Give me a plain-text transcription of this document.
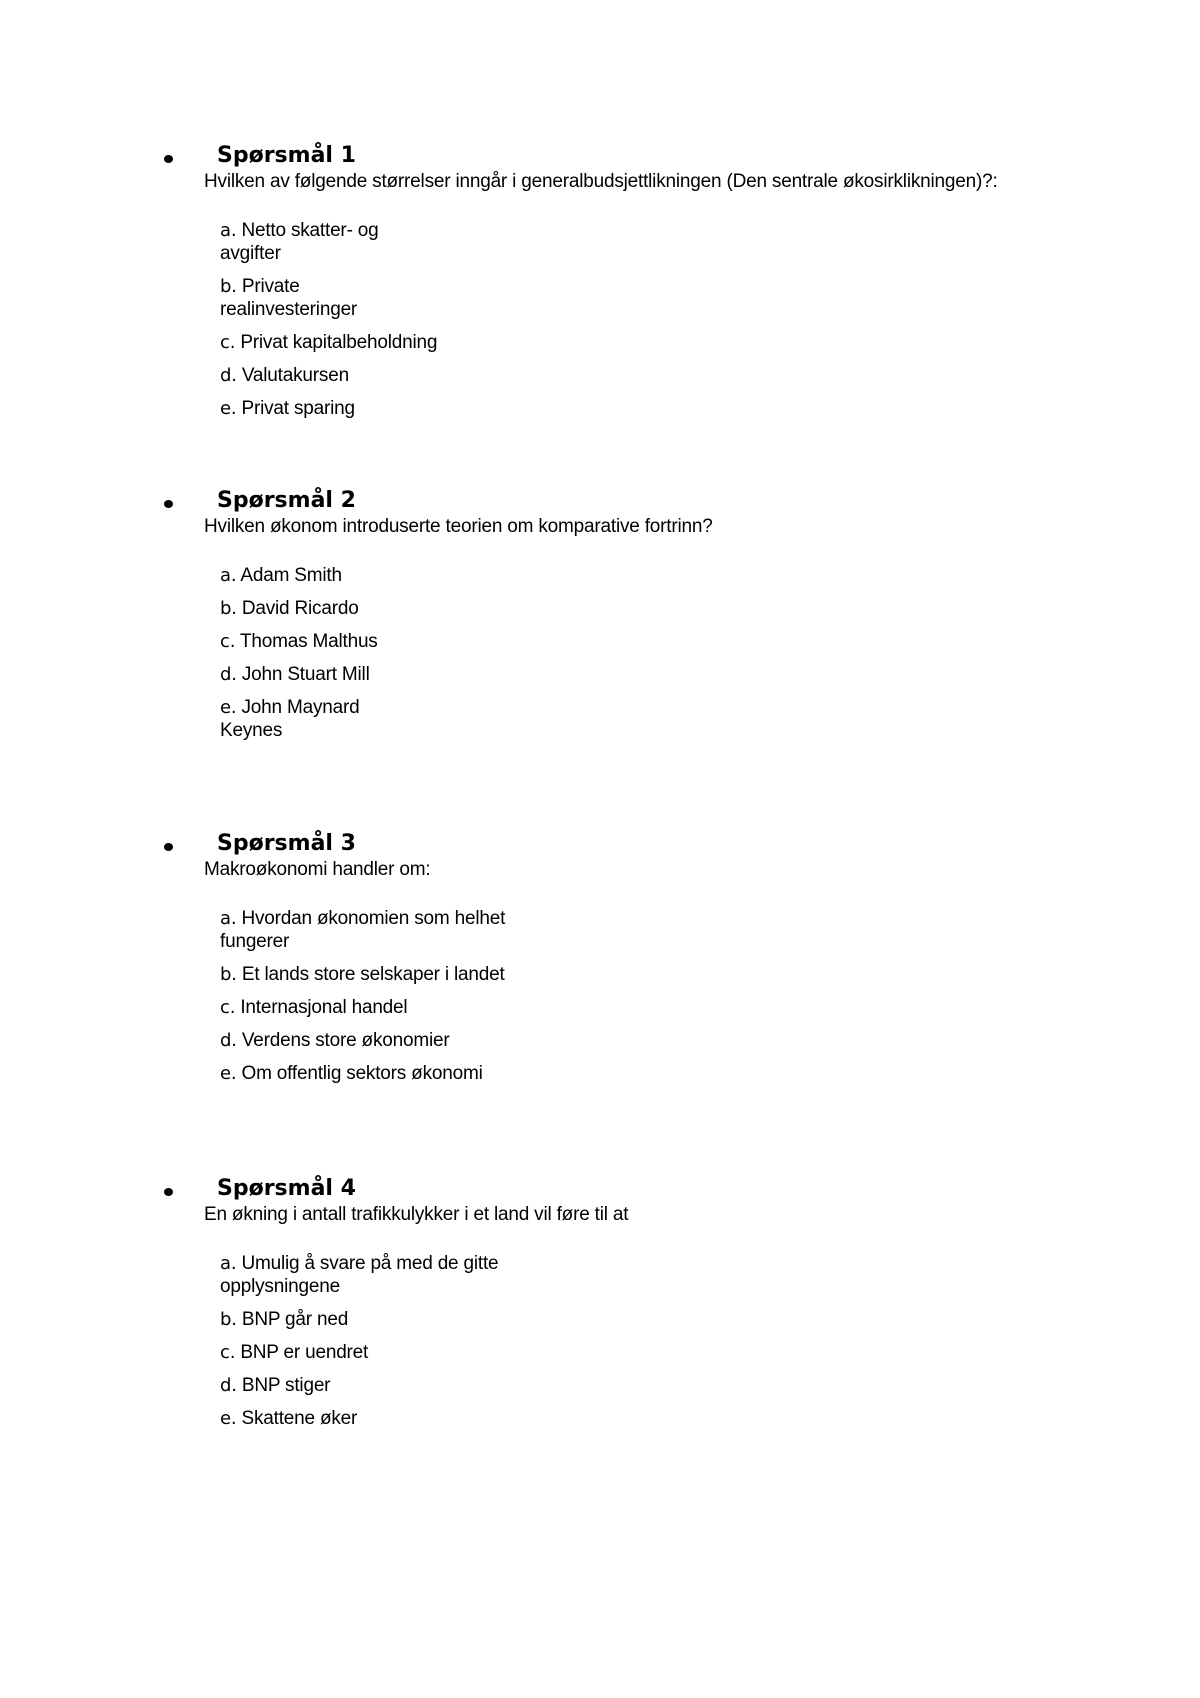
Spørsmål 1

Hvilken av følgende størrelser inngår i generalbudsjettlikningen (Den sentrale økosirklikningen)?:

a. Netto skatter- og avgifter
b. Private realinvesteringer
c. Privat kapitalbeholdning
d. Valutakursen
e. Privat sparing
Spørsmål 2

Hvilken økonom introduserte teorien om komparative fortrinn?

a. Adam Smith
b. David Ricardo
c. Thomas Malthus
d. John Stuart Mill
e. John Maynard Keynes
Spørsmål 3

Makroøkonomi handler om:

a. Hvordan økonomien som helhet fungerer
b. Et lands store selskaper i landet
c. Internasjonal handel
d. Verdens store økonomier
e. Om offentlig sektors økonomi
Spørsmål 4

En økning i antall trafikkulykker i et land vil føre til at

a. Umulig å svare på med de gitte opplysningene
b. BNP går ned
c. BNP er uendret
d. BNP stiger
e. Skattene øker
